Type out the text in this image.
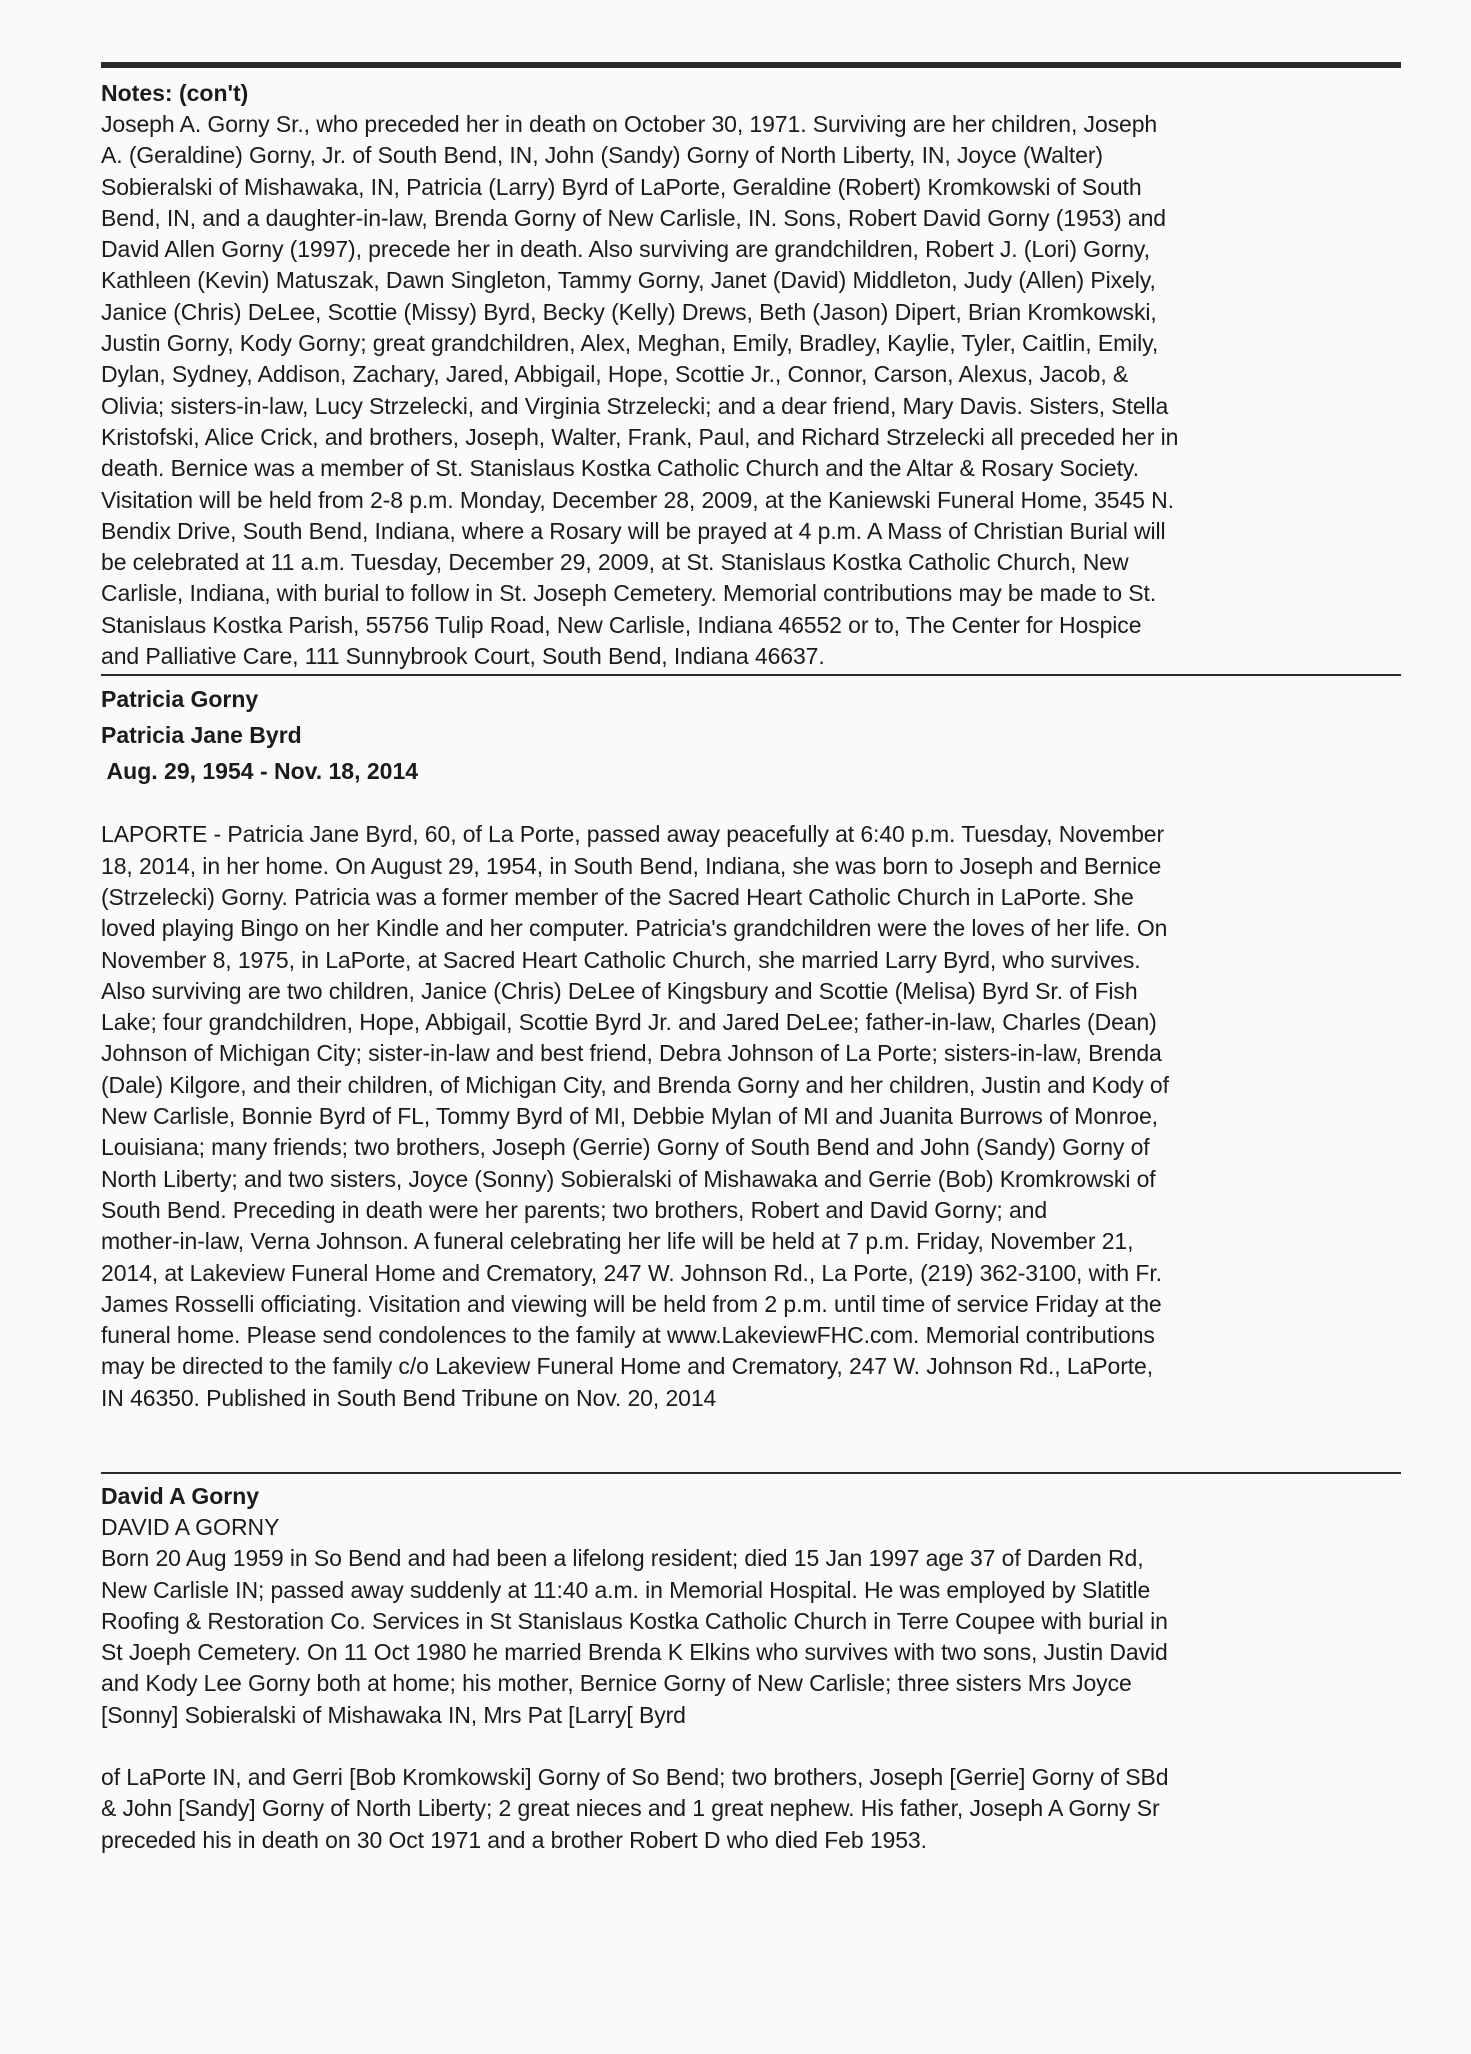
Notes: (con't)

Joseph A. Gorny Sr., who preceded her in death on October 30, 1971. Surviving are her children, Joseph
A. (Geraldine) Gorny, Jr. of South Bend, IN, John (Sandy) Gorny of North Liberty, IN, Joyce (Walter)
Sobieralski of Mishawaka, IN, Patricia (Larry) Byrd of LaPorte, Geraldine (Robert) Kromkowski of South
Bend, IN, and a daughter-in-law, Brenda Gorny of New Carlisle, IN. Sons, Robert David Gorny (1953) and
David Allen Gorny (1997), precede her in death. Also surviving are grandchildren, Robert J. (Lori) Gorny,
Kathleen (Kevin) Matuszak, Dawn Singleton, Tammy Gorny, Janet (David) Middleton, Judy (Allen) Pixely,
Janice (Chris) DeLee, Scottie (Missy) Byrd, Becky (Kelly) Drews, Beth (Jason) Dipert, Brian Kromkowski,
Justin Gorny, Kody Gorny; great grandchildren, Alex, Meghan, Emily, Bradley, Kaylie, Tyler, Caitlin, Emily,
Dylan, Sydney, Addison, Zachary, Jared, Abbigail, Hope, Scottie Jr., Connor, Carson, Alexus, Jacob, &
Olivia; sisters-in-law, Lucy Strzelecki, and Virginia Strzelecki; and a dear friend, Mary Davis. Sisters, Stella
Kristofski, Alice Crick, and brothers, Joseph, Walter, Frank, Paul, and Richard Strzelecki all preceded her in
death. Bernice was a member of St. Stanislaus Kostka Catholic Church and the Altar & Rosary Society.
Visitation will be held from 2-8 p.m. Monday, December 28, 2009, at the Kaniewski Funeral Home, 3545 N.
Bendix Drive, South Bend, Indiana, where a Rosary will be prayed at 4 p.m. A Mass of Christian Burial will
be celebrated at 11 a.m. Tuesday, December 29, 2009, at St. Stanislaus Kostka Catholic Church, New
Carlisle, Indiana, with burial to follow in St. Joseph Cemetery. Memorial contributions may be made to St.
Stanislaus Kostka Parish, 55756 Tulip Road, New Carlisle, Indiana 46552 or to, The Center for Hospice
and Palliative Care, 111 Sunnybrook Court, South Bend, Indiana 46637.

Patricia Gorny
Patricia Jane Byrd
Aug. 29, 1954 - Nov. 18, 2014

LAPORTE - Patricia Jane Byrd, 60, of La Porte, passed away peacefully at 6:40 p.m. Tuesday, November
18, 2014, in her home. On August 29, 1954, in South Bend, Indiana, she was born to Joseph and Bernice
(Strzelecki) Gorny. Patricia was a former member of the Sacred Heart Catholic Church in LaPorte. She
loved playing Bingo on her Kindle and her computer. Patricia's grandchildren were the loves of her life. On
November 8, 1975, in LaPorte, at Sacred Heart Catholic Church, she married Larry Byrd, who survives.
Also surviving are two children, Janice (Chris) DeLee of Kingsbury and Scottie (Melisa) Byrd Sr. of Fish
Lake; four grandchildren, Hope, Abbigail, Scottie Byrd Jr. and Jared DeLee; father-in-law, Charles (Dean)
Johnson of Michigan City; sister-in-law and best friend, Debra Johnson of La Porte; sisters-in-law, Brenda
(Dale) Kilgore, and their children, of Michigan City, and Brenda Gorny and her children, Justin and Kody of
New Carlisle, Bonnie Byrd of FL, Tommy Byrd of MI, Debbie Mylan of MI and Juanita Burrows of Monroe,
Louisiana; many friends; two brothers, Joseph (Gerrie) Gorny of South Bend and John (Sandy) Gorny of
North Liberty; and two sisters, Joyce (Sonny) Sobieralski of Mishawaka and Gerrie (Bob) Kromkrowski of
South Bend. Preceding in death were her parents; two brothers, Robert and David Gorny; and
mother-in-law, Verna Johnson. A funeral celebrating her life will be held at 7 p.m. Friday, November 21,
2014, at Lakeview Funeral Home and Crematory, 247 W. Johnson Rd., La Porte, (219) 362-3100, with Fr.
James Rosselli officiating. Visitation and viewing will be held from 2 p.m. until time of service Friday at the
funeral home. Please send condolences to the family at www.LakeviewFHC.com. Memorial contributions
may be directed to the family c/o Lakeview Funeral Home and Crematory, 247 W. Johnson Rd., LaPorte,
IN 46350. Published in South Bend Tribune on Nov. 20, 2014

David A Gorny

DAVID A GORNY

Born 20 Aug 1959 in So Bend and had been a lifelong resident; died 15 Jan 1997 age 37 of Darden Rd,
New Carlisle IN; passed away suddenly at 11:40 a.m. in Memorial Hospital. He was employed by Slatitle
Roofing & Restoration Co. Services in St Stanislaus Kostka Catholic Church in Terre Coupee with burial in
St Joeph Cemetery. On 11 Oct 1980 he married Brenda K Elkins who survives with two sons, Justin David
and Kody Lee Gorny both at home; his mother, Bernice Gorny of New Carlisle; three sisters Mrs Joyce
[Sonny] Sobieralski of Mishawaka IN, Mrs Pat [Larry[ Byrd

of LaPorte IN, and Gerri [Bob Kromkowski] Gorny of So Bend; two brothers, Joseph [Gerrie] Gorny of SBd
& John [Sandy] Gorny of North Liberty; 2 great nieces and 1 great nephew. His father, Joseph A Gorny Sr
preceded his in death on 30 Oct 1971 and a brother Robert D who died Feb 1953.
